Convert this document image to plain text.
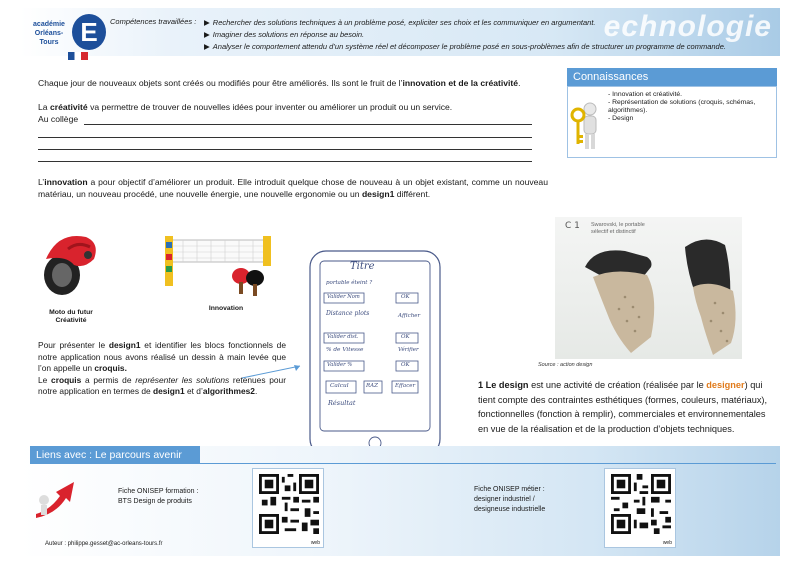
académie
Orléans-Tours E	Compétences travaillées : ▶ Rechercher des solutions techniques à un problème posé, expliciter ses choix et les communiquer en argumentant.
▶ Imaginer des solutions en réponse au besoin.
▶ Analyser le comportement attendu d’un système réel et décomposer le problème posé en sous-problèmes afin de structurer un programme de commande.
echnologie
Chaque jour de nouveaux objets sont créés ou modifiés pour être améliorés. Ils sont le fruit de l’innovation et de la créativité.
La créativité va permettre de trouver de nouvelles idées pour inventer ou améliorer un produit ou un service.
Au collège
Connaissances
- Innovation et créativité.
- Représentation de solutions (croquis, schémas, algorithmes).
- Design
L’innovation a pour objectif d’améliorer un produit. Elle introduit quelque chose de nouveau à un objet existant, comme un nouveau matériau, un nouveau procédé, une nouvelle énergie, une nouvelle ergonomie ou un design1 différent.
Moto du futur
Créativité
Innovation
Pour présenter le design1 et identifier les blocs fonctionnels de notre application nous avons réalisé un dessin à main levée que l’on appelle un croquis.
Le croquis a permis de représenter les solutions retenues pour notre application en termes de design1 et d’algorithmes2.
Titre
portable éteint ?
Valider Nom	OK
Distance plots	Afficher
Valider dist.	OK
% de Vitesse	Vérifier
Valider %	OK
Calcul	RAZ	Effacer
Résultat
C 1 Swarovski, le portable
sélectif et distinctif
Source : action design
1 Le design est une activité de création (réalisée par le designer) qui tient compte des contraintes esthétiques (formes, couleurs, matériaux), fonctionnelles (fonction à remplir), commerciales et environnementales en vue de la réalisation et de la production d’objets techniques.
Liens avec : Le parcours avenir
Fiche ONISEP formation :
BTS Design de produits
web
Fiche ONISEP métier :
designer industriel /
designeuse industrielle
web
Auteur : philippe.gesset@ac-orleans-tours.fr
